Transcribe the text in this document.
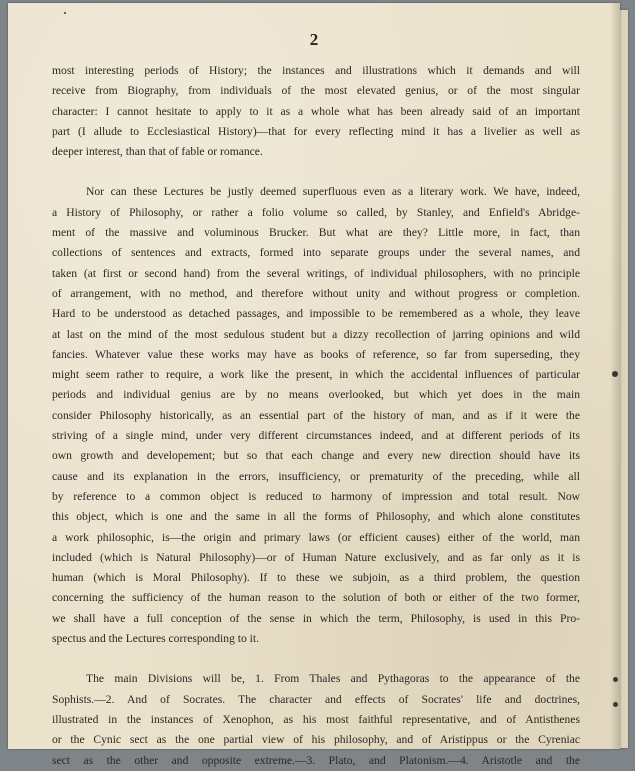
2

most interesting periods of History; the instances and illustrations which it demands and will
receive from Biography, from individuals of the most elevated genius, or of the most singular
character: I cannot hesitate to apply to it as a whole what has been already said of an important
part (I allude to Ecclesiastical History)—that for every reflecting mind it has a livelier as well as
deeper interest, than that of fable or romance.
Nor can these Lectures be justly deemed superfluous even as a literary work. We have, indeed,
a History of Philosophy, or rather a folio volume so called, by Stanley, and Enfield's Abridge-
ment of the massive and voluminous Brucker. But what are they? Little more, in fact, than
collections of sentences and extracts, formed into separate groups under the several names, and
taken (at first or second hand) from the several writings, of individual philosophers, with no principle
of arrangement, with no method, and therefore without unity and without progress or completion.
Hard to be understood as detached passages, and impossible to be remembered as a whole, they leave
at last on the mind of the most sedulous student but a dizzy recollection of jarring opinions and wild
fancies. Whatever value these works may have as books of reference, so far from superseding, they
might seem rather to require, a work like the present, in which the accidental influences of particular
periods and individual genius are by no means overlooked, but which yet does in the main
consider Philosophy historically, as an essential part of the history of man, and as if it were the
striving of a single mind, under very different circumstances indeed, and at different periods of its
own growth and developement; but so that each change and every new direction should have its
cause and its explanation in the errors, insufficiency, or prematurity of the preceding, while all
by reference to a common object is reduced to harmony of impression and total result. Now
this object, which is one and the same in all the forms of Philosophy, and which alone constitutes
a work philosophic, is—the origin and primary laws (or efficient causes) either of the world, man
included (which is Natural Philosophy)—or of Human Nature exclusively, and as far only as it is
human (which is Moral Philosophy). If to these we subjoin, as a third problem, the question
concerning the sufficiency of the human reason to the solution of both or either of the two former,
we shall have a full conception of the sense in which the term, Philosophy, is used in this Pro-
spectus and the Lectures corresponding to it.
The main Divisions will be, 1. From Thales and Pythagoras to the appearance of the
Sophists.—2. And of Socrates. The character and effects of Socrates' life and doctrines,
illustrated in the instances of Xenophon, as his most faithful representative, and of Antisthenes
or the Cynic sect as the one partial view of his philosophy, and of Aristippus or the Cyreniac
sect as the other and opposite extreme.—3. Plato, and Platonism.—4. Aristotle and the
